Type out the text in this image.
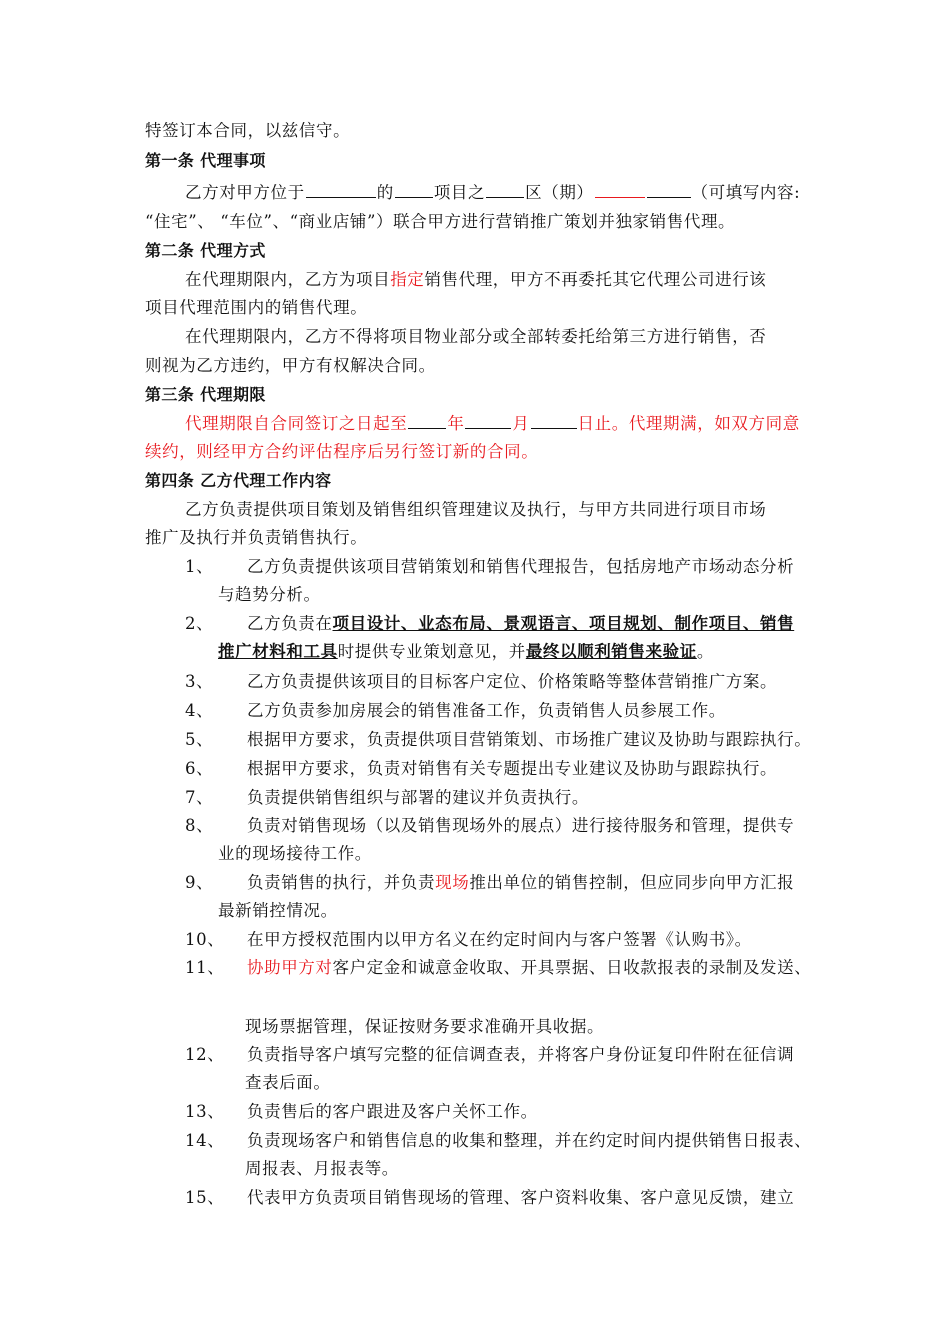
特签订本合同，以兹信守。
第一条 代理事项
乙方对甲方位于	的 项目之 区（期）	（可填写内容:
“住宅”、 “车位”、“商业店铺”）联合甲方进行营销推广策划并独家销售代理。
第二条 代理方式
在代理期限内，乙方为项目指定销售代理，甲方不再委托其它代理公司进行该
项目代理范围内的销售代理。
在代理期限内，乙方不得将项目物业部分或全部转委托给第三方进行销售，否
则视为乙方违约，甲方有权解决合同。
第三条 代理期限
代理期限自合同签订之日起至 年	月	日止。代理期满，如双方同意
续约，则经甲方合约评估程序后另行签订新的合同。
第四条 乙方代理工作内容
乙方负责提供项目策划及销售组织管理建议及执行，与甲方共同进行项目市场
推广及执行并负责销售执行。
1、 乙方负责提供该项目营销策划和销售代理报告，包括房地产市场动态分析
与趋势分析。
2、 乙方负责在项目设计、业态布局、景观语言、项目规划、制作项目、销售
推广材料和工具时提供专业策划意见，并最终以顺利销售来验证。
3、 乙方负责提供该项目的目标客户定位、价格策略等整体营销推广方案。
4、 乙方负责参加房展会的销售准备工作，负责销售人员参展工作。
5、 根据甲方要求，负责提供项目营销策划、市场推广建议及协助与跟踪执行。
6、 根据甲方要求，负责对销售有关专题提出专业建议及协助与跟踪执行。
7、 负责提供销售组织与部署的建议并负责执行。
8、 负责对销售现场（以及销售现场外的展点）进行接待服务和管理，提供专
业的现场接待工作。
9、 负责销售的执行，并负责现场推出单位的销售控制，但应同步向甲方汇报
最新销控情况。
10、 在甲方授权范围内以甲方名义在约定时间内与客户签署《认购书》。
11、 协助甲方对客户定金和诚意金收取、开具票据、日收款报表的录制及发送、
现场票据管理，保证按财务要求准确开具收据。
12、 负责指导客户填写完整的征信调查表，并将客户身份证复印件附在征信调
查表后面。
13、 负责售后的客户跟进及客户关怀工作。
14、 负责现场客户和销售信息的收集和整理，并在约定时间内提供销售日报表、
周报表、月报表等。
15、 代表甲方负责项目销售现场的管理、客户资料收集、客户意见反馈，建立
